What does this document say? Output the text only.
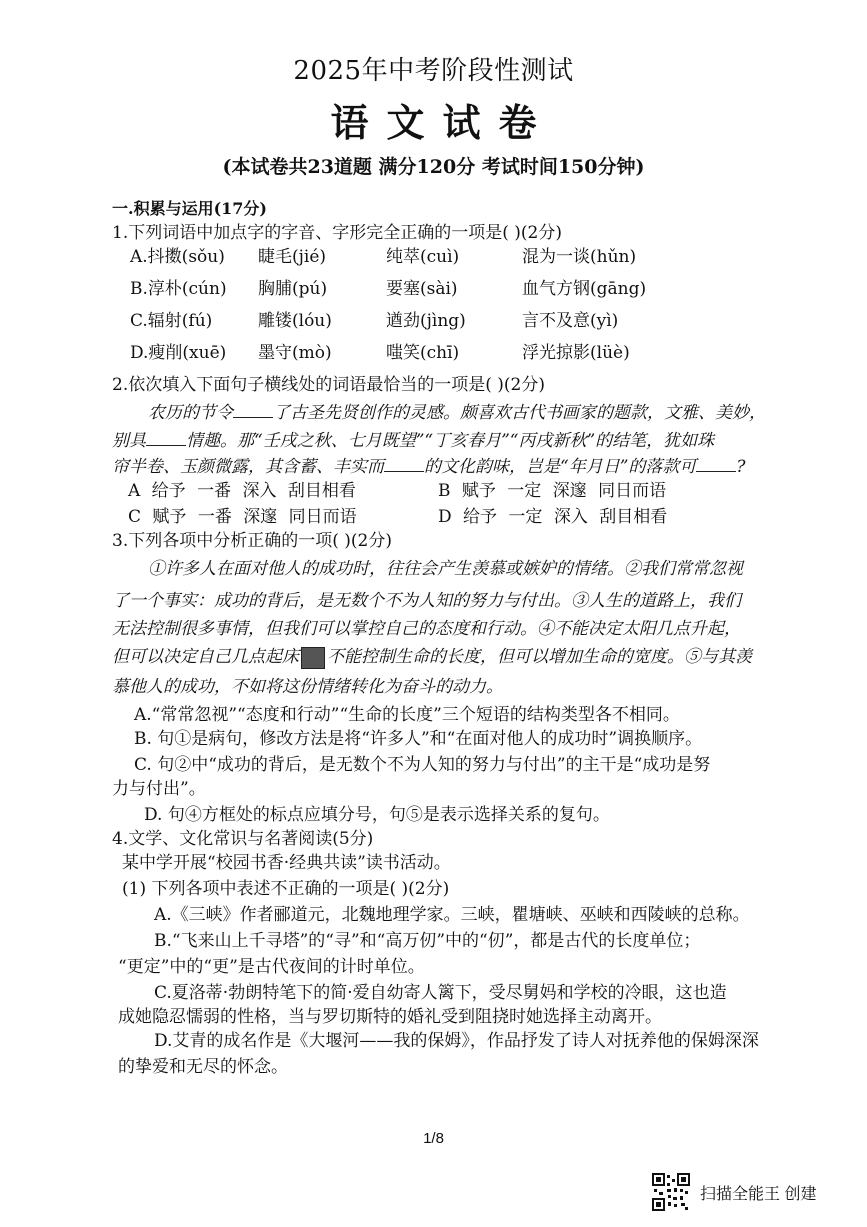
2025年中考阶段性测试
语文试卷
(本试卷共23道题 满分120分 考试时间150分钟)
一.积累与运用(17分)
1.下列词语中加点字的字音、字形完全正确的一项是( )(2分)
A.抖擞(sǒu) 睫毛(jié)	纯萃(cuì)	混为一谈(hǔn)
B.淳朴(cún) 胸脯(pú)	要塞(sài)	血气方钢(gāng)
C.辐射(fú)	雕镂(lóu)	遒劲(jìng)	言不及意(yì)
D.瘦削(xuē) 墨守(mò)	嗤笑(chī)	浮光掠影(lüè)
2.依次填入下面句子横线处的词语最恰当的一项是( )(2分)
农历的节令 了古圣先贤创作的灵感。颇喜欢古代书画家的题款，文雅、美妙，
别具 情趣。那“壬戌之秋、七月既望”“丁亥春月”“丙戌新秋”的结笔，犹如珠
帘半卷、玉颜微露，其含蓄、丰实而 的文化韵味，岂是“年月日”的落款可 ?
A 给予 一番 深入 刮目相看	B 赋予 一定 深邃 同日而语
C 赋予 一番 深邃 同日而语	D 给予 一定 深入 刮目相看
3.下列各项中分析正确的一项( )(2分)
①许多人在面对他人的成功时，往往会产生羡慕或嫉妒的情绪。②我们常常忽视
了一个事实：成功的背后，是无数个不为人知的努力与付出。③人生的道路上，我们
无法控制很多事情，但我们可以掌控自己的态度和行动。④不能决定太阳几点升起，
但可以决定自己几点起床 不能控制生命的长度，但可以增加生命的宽度。⑤与其羡
慕他人的成功，不如将这份情绪转化为奋斗的动力。
A.“常常忽视”“态度和行动”“生命的长度”三个短语的结构类型各不相同。
B. 句①是病句，修改方法是将“许多人”和“在面对他人的成功时”调换顺序。
C. 句②中“成功的背后，是无数个不为人知的努力与付出”的主干是“成功是努
力与付出”。
D. 句④方框处的标点应填分号，句⑤是表示选择关系的复句。
4.文学、文化常识与名著阅读(5分)
某中学开展“校园书香·经典共读”读书活动。
(1) 下列各项中表述不正确的一项是( )(2分)
A.《三峡》作者郦道元，北魏地理学家。三峡，瞿塘峡、巫峡和西陵峡的总称。
B.“飞来山上千寻塔”的“寻”和“高万仞”中的“仞”，都是古代的长度单位；
“更定”中的“更”是古代夜间的计时单位。
C.夏洛蒂·勃朗特笔下的简·爱自幼寄人篱下，受尽舅妈和学校的冷眼，这也造
成她隐忍懦弱的性格，当与罗切斯特的婚礼受到阻挠时她选择主动离开。
D.艾青的成名作是《大堰河——我的保姆》，作品抒发了诗人对抚养他的保姆深深
的挚爱和无尽的怀念。
1/8
扫描全能王 创建
